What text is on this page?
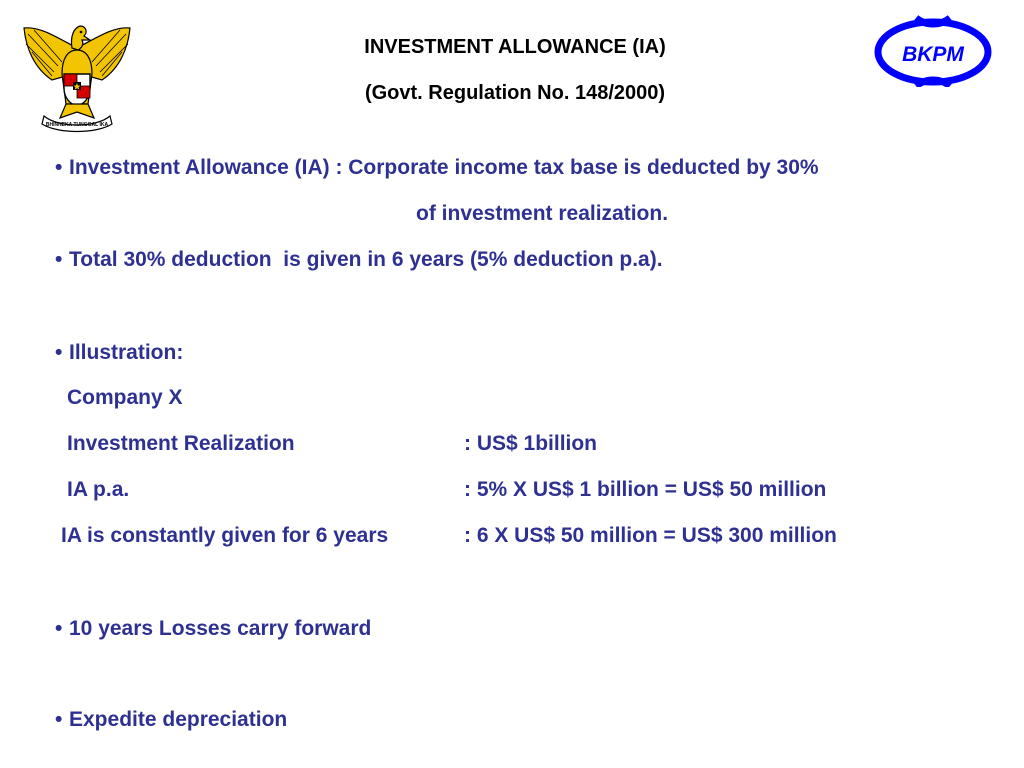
BHINNEKA TUNGGAL IKA
INVESTMENT ALLOWANCE (IA)
(Govt. Regulation No. 148/2000)
BKPM
• Investment Allowance (IA) : Corporate income tax base is deducted by 30%
of investment realization.
• Total 30% deduction  is given in 6 years (5% deduction p.a).
• Illustration:
Company X
Investment Realization	: US$ 1billion
IA p.a.	: 5% X US$ 1 billion = US$ 50 million
IA is constantly given for 6 years	: 6 X US$ 50 million = US$ 300 million
• 10 years Losses carry forward
• Expedite depreciation
